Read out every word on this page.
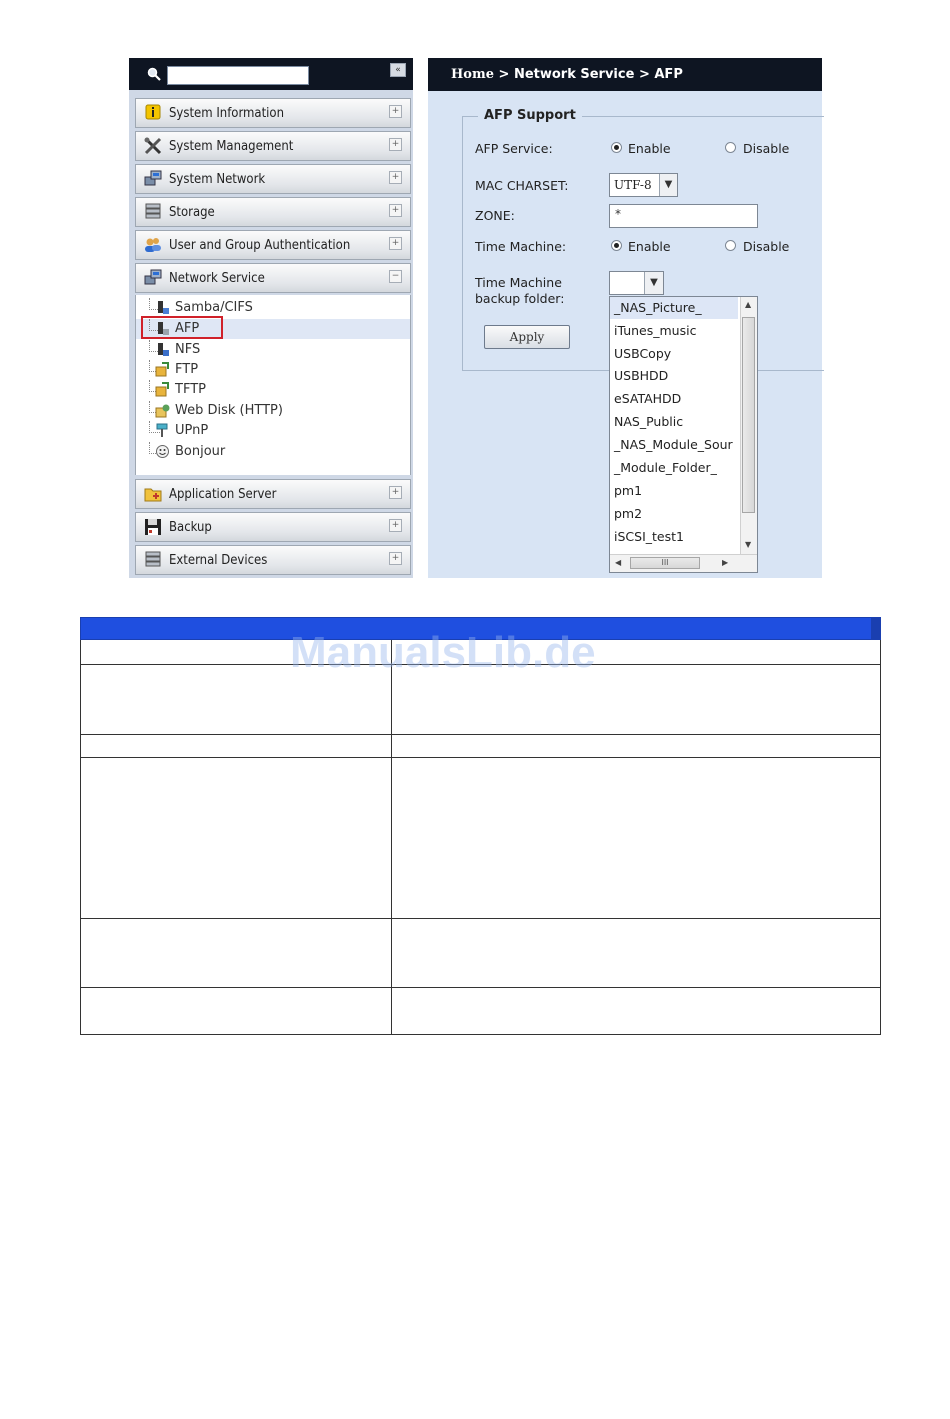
«
System Information	+
System Management	+
System Network	+
Storage	+
User and Group Authentication	+
Network Service	−
Samba/CIFS
AFP
NFS
FTP
TFTP
Web Disk (HTTP)
UPnP
Bonjour
Application Server	+
Backup	+
External Devices	+
Home > Network Service > AFP
AFP Support
AFP Service:	Enable	Disable
MAC CHARSET:	UTF-8	▼
ZONE:	*
Time Machine:	Enable	Disable
Time Machine
backup folder:
▼
Apply
_NAS_Picture_
iTunes_music
USBCopy
USBHDD
eSATAHDD
NAS_Public
_NAS_Module_Sour
_Module_Folder_
pm1
pm2
iSCSI_test1
▲
▼
◀	III	▶
ManualsLib.de
